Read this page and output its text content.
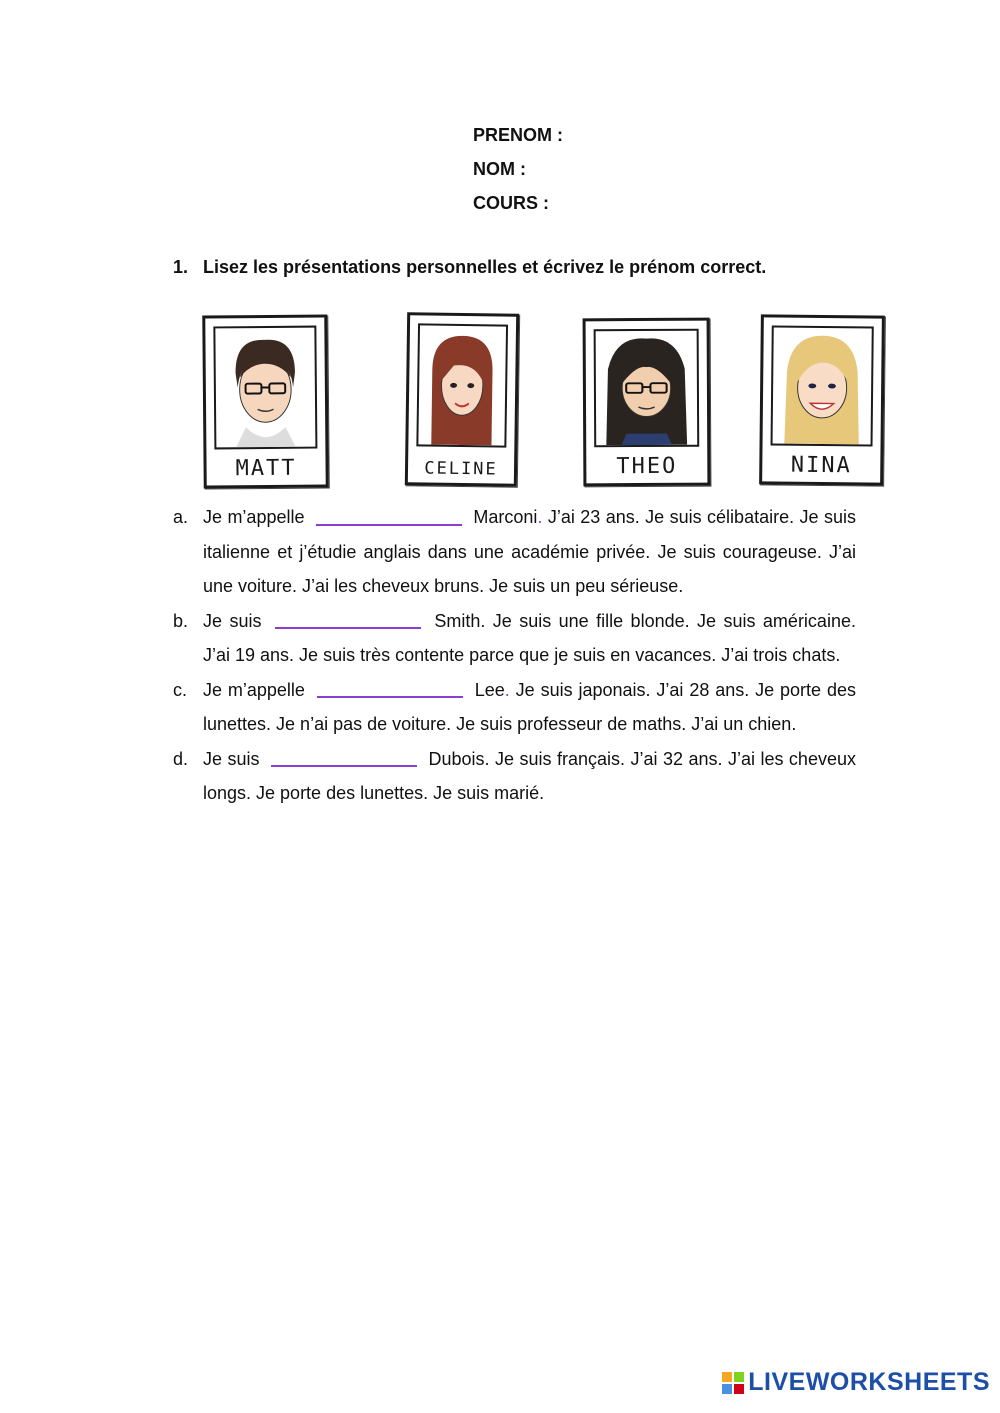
PRENOM :
NOM :
COURS :
1. Lisez les présentations personnelles et écrivez le prénom correct.
MATT	CELINE	THEO	NINA
a. Je m’appelle	Marconi. J’ai 23 ans. Je suis célibataire. Je suis italienne et j’étudie anglais dans une académie privée. Je suis courageuse. J’ai une voiture. J’ai les cheveux bruns. Je suis un peu sérieuse.
b. Je suis	Smith. Je suis une fille blonde. Je suis américaine. J’ai 19 ans. Je suis très contente parce que je suis en vacances. J’ai trois chats.
c. Je m’appelle	Lee. Je suis japonais. J’ai 28 ans. Je porte des lunettes. Je n’ai pas de voiture. Je suis professeur de maths. J’ai un chien.
d. Je suis	Dubois. Je suis français. J’ai 32 ans. J’ai les cheveux longs. Je porte des lunettes. Je suis marié.
LIVEWORKSHEETS
